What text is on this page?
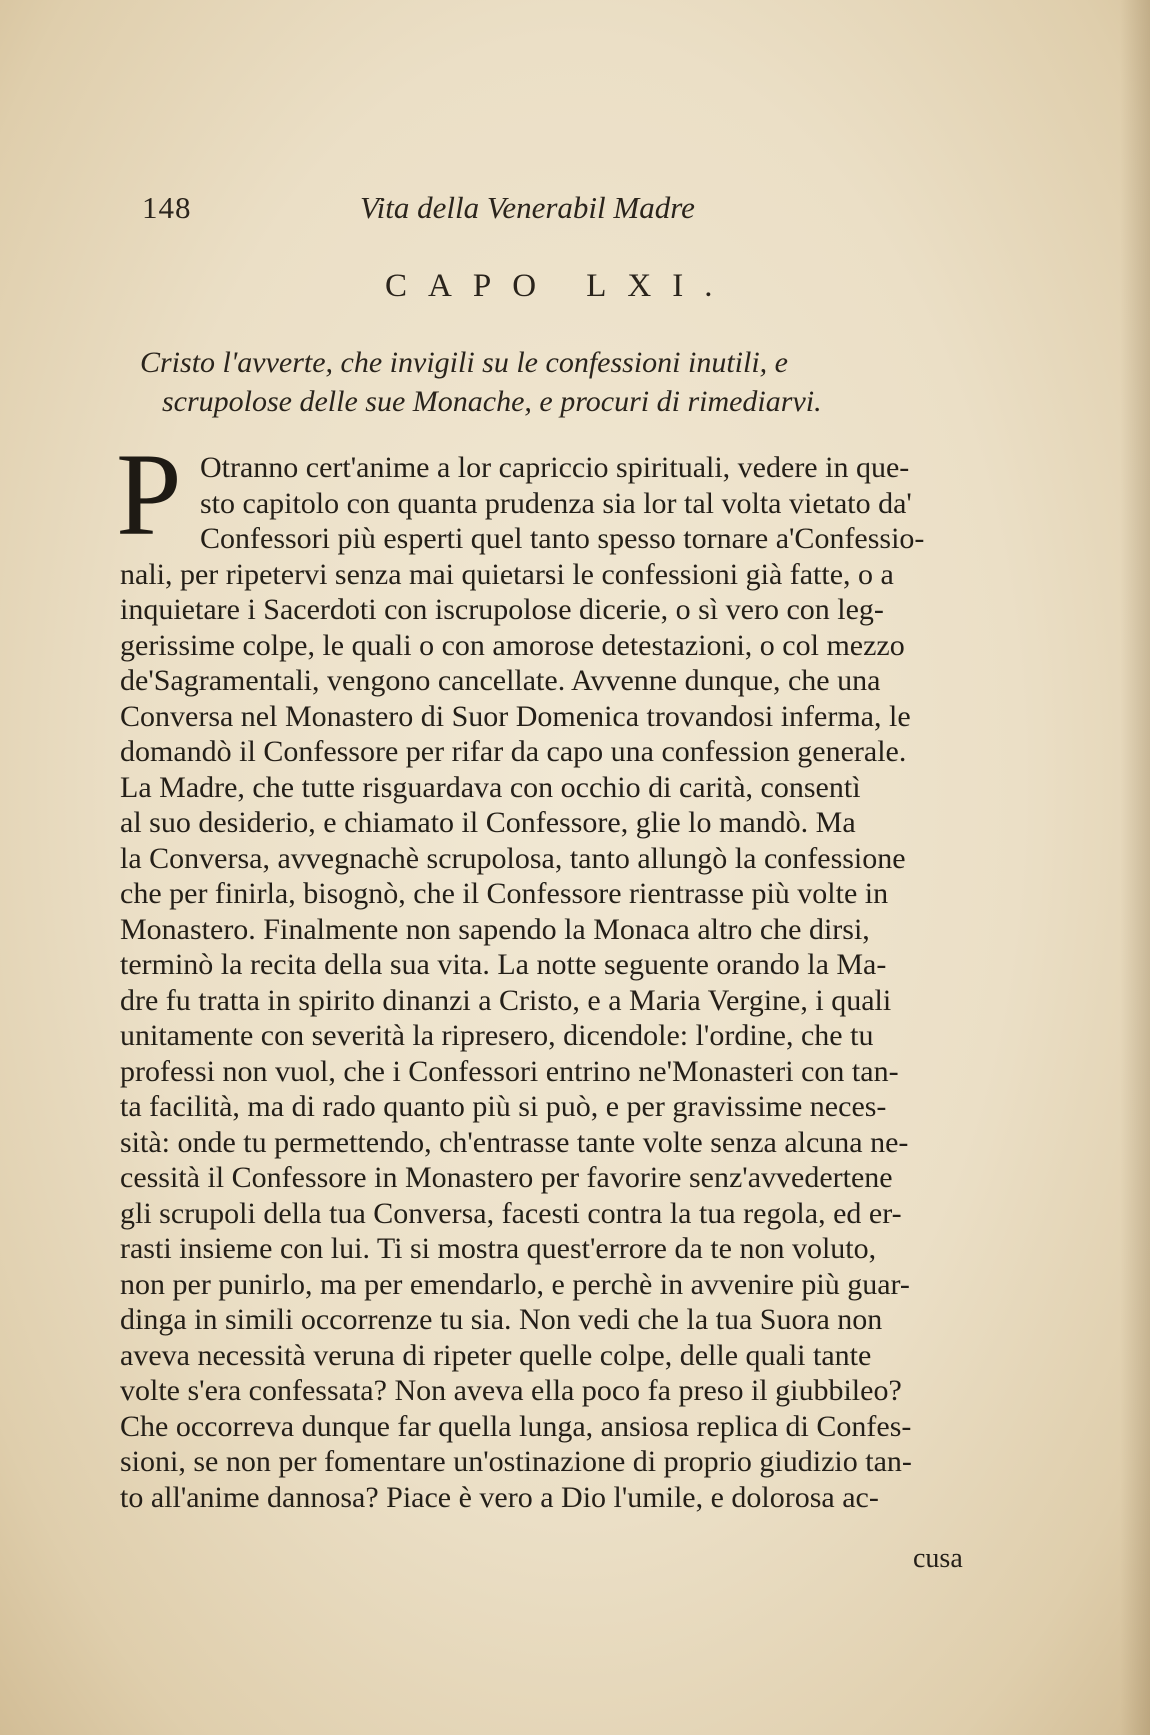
148	Vita della Venerabil Madre
CAPO LXI.
Cristo l'avverte, che invigili su le confessioni inutili, e
scrupolose delle sue Monache, e procuri di rimediarvi.
P Otranno cert'anime a lor capriccio spirituali, vedere in que-
sto capitolo con quanta prudenza sia lor tal volta vietato da'
Confessori più esperti quel tanto spesso tornare a'Confessio-
nali, per ripetervi senza mai quietarsi le confessioni già fatte, o a
inquietare i Sacerdoti con iscrupolose dicerie, o sì vero con leg-
gerissime colpe, le quali o con amorose detestazioni, o col mezzo
de'Sagramentali, vengono cancellate. Avvenne dunque, che una
Conversa nel Monastero di Suor Domenica trovandosi inferma, le
domandò il Confessore per rifar da capo una confession generale.
La Madre, che tutte risguardava con occhio di carità, consentì
al suo desiderio, e chiamato il Confessore, glie lo mandò. Ma
la Conversa, avvegnachè scrupolosa, tanto allungò la confessione
che per finirla, bisognò, che il Confessore rientrasse più volte in
Monastero. Finalmente non sapendo la Monaca altro che dirsi,
terminò la recita della sua vita. La notte seguente orando la Ma-
dre fu tratta in spirito dinanzi a Cristo, e a Maria Vergine, i quali
unitamente con severità la ripresero, dicendole: l'ordine, che tu
professi non vuol, che i Confessori entrino ne'Monasteri con tan-
ta facilità, ma di rado quanto più si può, e per gravissime neces-
sità: onde tu permettendo, ch'entrasse tante volte senza alcuna ne-
cessità il Confessore in Monastero per favorire senz'avvedertene
gli scrupoli della tua Conversa, facesti contra la tua regola, ed er-
rasti insieme con lui. Ti si mostra quest'errore da te non voluto,
non per punirlo, ma per emendarlo, e perchè in avvenire più guar-
dinga in simili occorrenze tu sia. Non vedi che la tua Suora non
aveva necessità veruna di ripeter quelle colpe, delle quali tante
volte s'era confessata? Non aveva ella poco fa preso il giubbileo?
Che occorreva dunque far quella lunga, ansiosa replica di Confes-
sioni, se non per fomentare un'ostinazione di proprio giudizio tan-
to all'anime dannosa? Piace è vero a Dio l'umile, e dolorosa ac-
cusa
